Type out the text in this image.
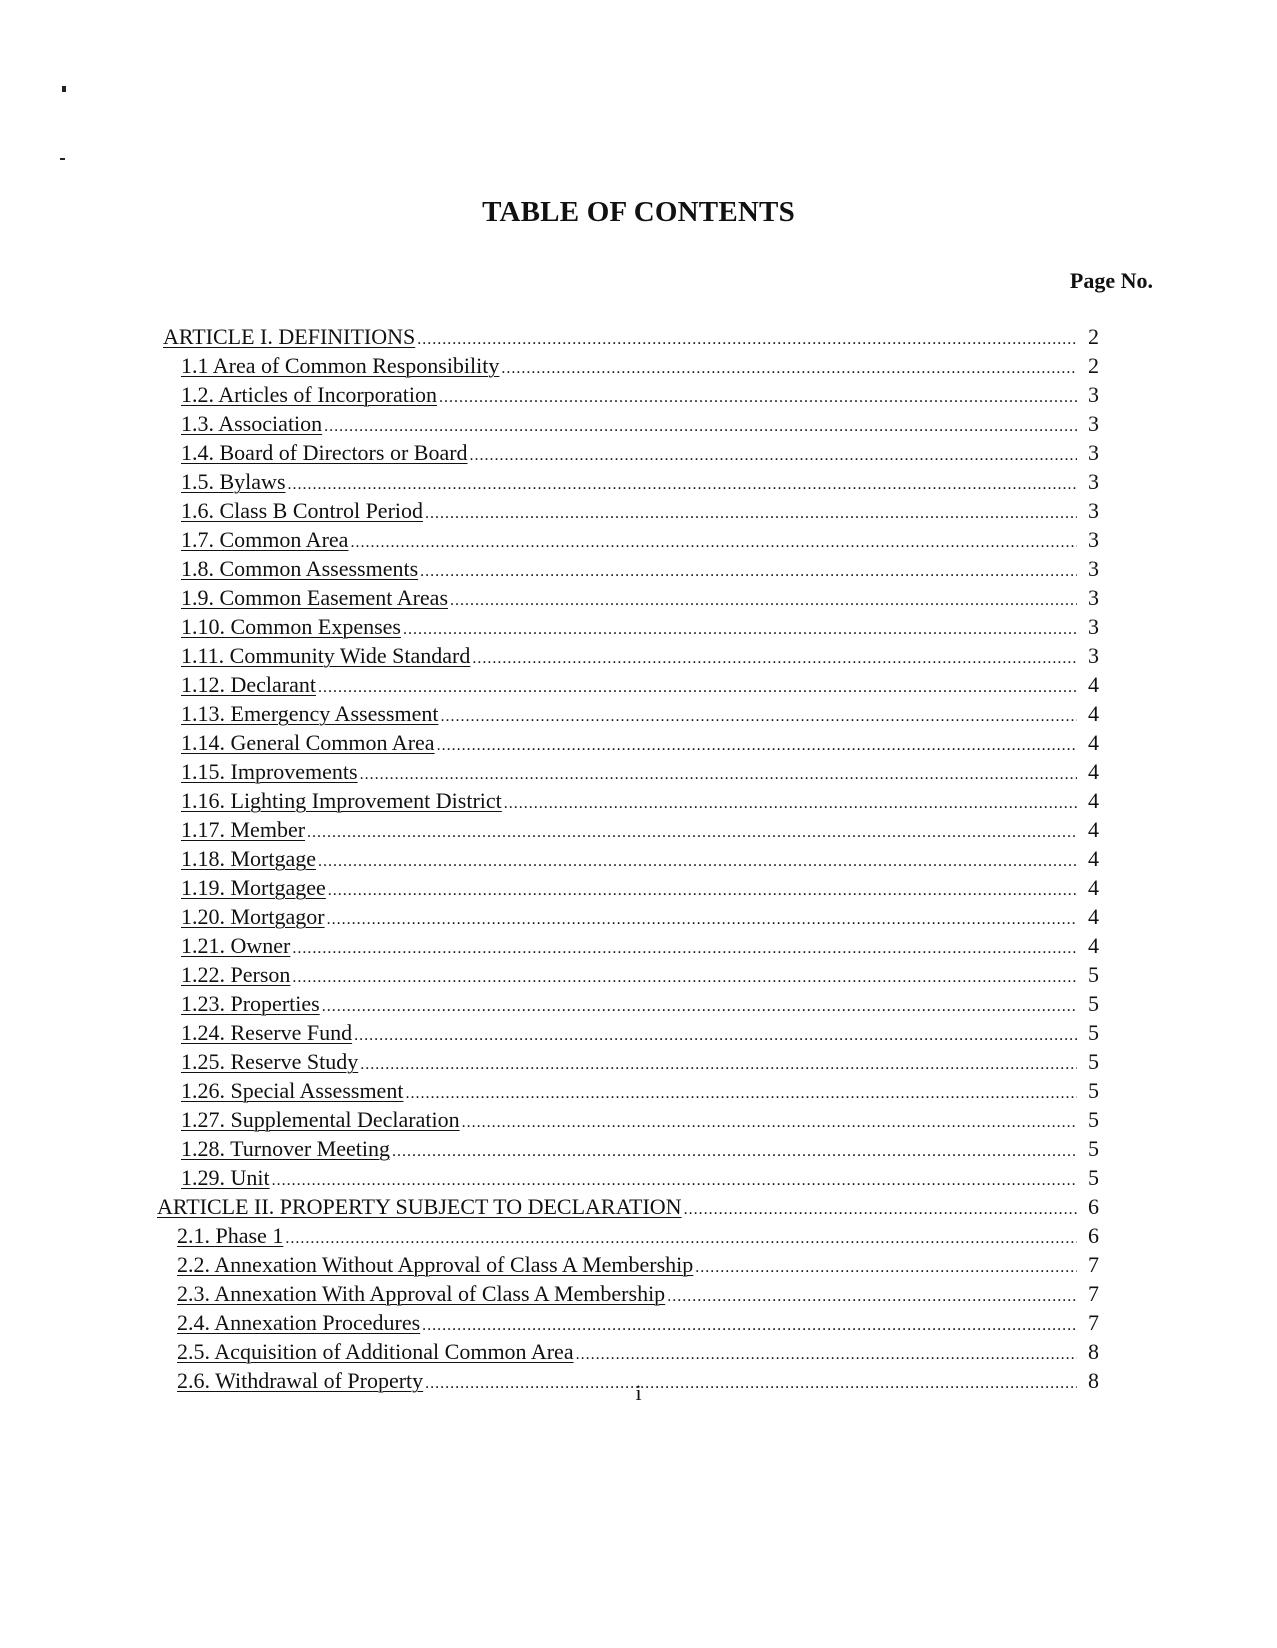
TABLE OF CONTENTS
Page No.
ARTICLE I. DEFINITIONS .....	2
1.1 Area of Common Responsibility .....	2
1.2. Articles of Incorporation .....	3
1.3. Association .....	3
1.4. Board of Directors or Board .....	3
1.5. Bylaws .....	3
1.6. Class B Control Period .....	3
1.7. Common Area .....	3
1.8. Common Assessments .....	3
1.9. Common Easement Areas .....	3
1.10. Common Expenses .....	3
1.11. Community Wide Standard .....	3
1.12. Declarant .....	4
1.13. Emergency Assessment .....	4
1.14. General Common Area .....	4
1.15. Improvements .....	4
1.16. Lighting Improvement District .....	4
1.17. Member .....	4
1.18. Mortgage .....	4
1.19. Mortgagee .....	4
1.20. Mortgagor .....	4
1.21. Owner .....	4
1.22. Person .....	5
1.23. Properties .....	5
1.24. Reserve Fund .....	5
1.25. Reserve Study .....	5
1.26. Special Assessment .....	5
1.27. Supplemental Declaration .....	5
1.28. Turnover Meeting .....	5
1.29. Unit .....	5
ARTICLE II. PROPERTY SUBJECT TO DECLARATION .....	6
2.1. Phase 1 .....	6
2.2. Annexation Without Approval of Class A Membership .....	7
2.3. Annexation With Approval of Class A Membership .....	7
2.4. Annexation Procedures .....	7
2.5. Acquisition of Additional Common Area .....	8
2.6. Withdrawal of Property .....	8
i
